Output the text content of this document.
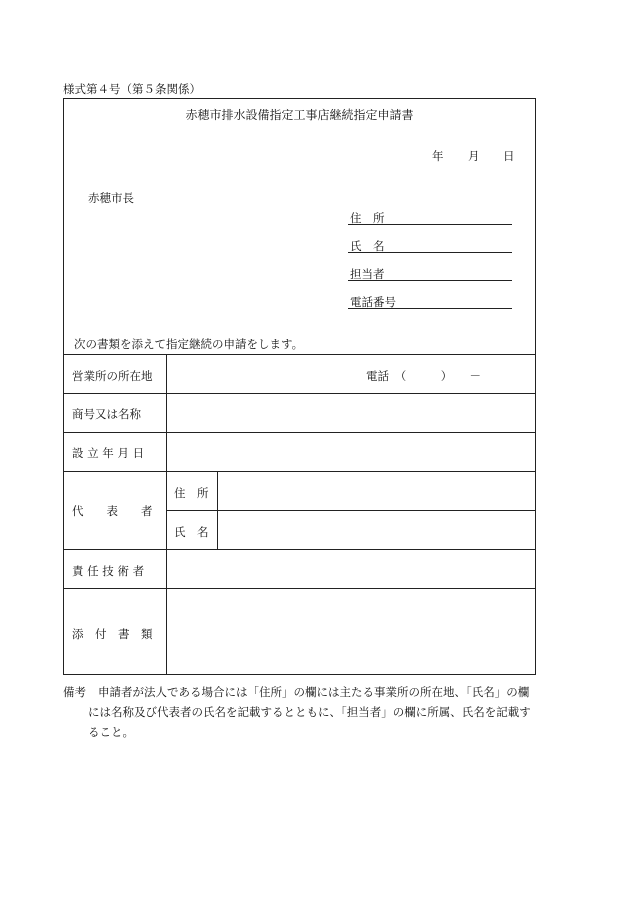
様式第４号（第５条関係）
赤穂市排水設備指定工事店継続指定申請書
年 月 日
赤穂市長
住　所
氏　名
担当者
電話番号
次の書類を添えて指定継続の申請をします。
営業所の所在地	電話　（　　　）　　－
商号又は名称
設 立 年 月 日
代　　表　　者
住　所
氏　名
責 任 技 術 者
添　付　書　類
備考 申請者が法人である場合には「住所」の欄には主たる事業所の所在地、「氏名」の欄
には名称及び代表者の氏名を記載するとともに、「担当者」の欄に所属、氏名を記載す
ること。
